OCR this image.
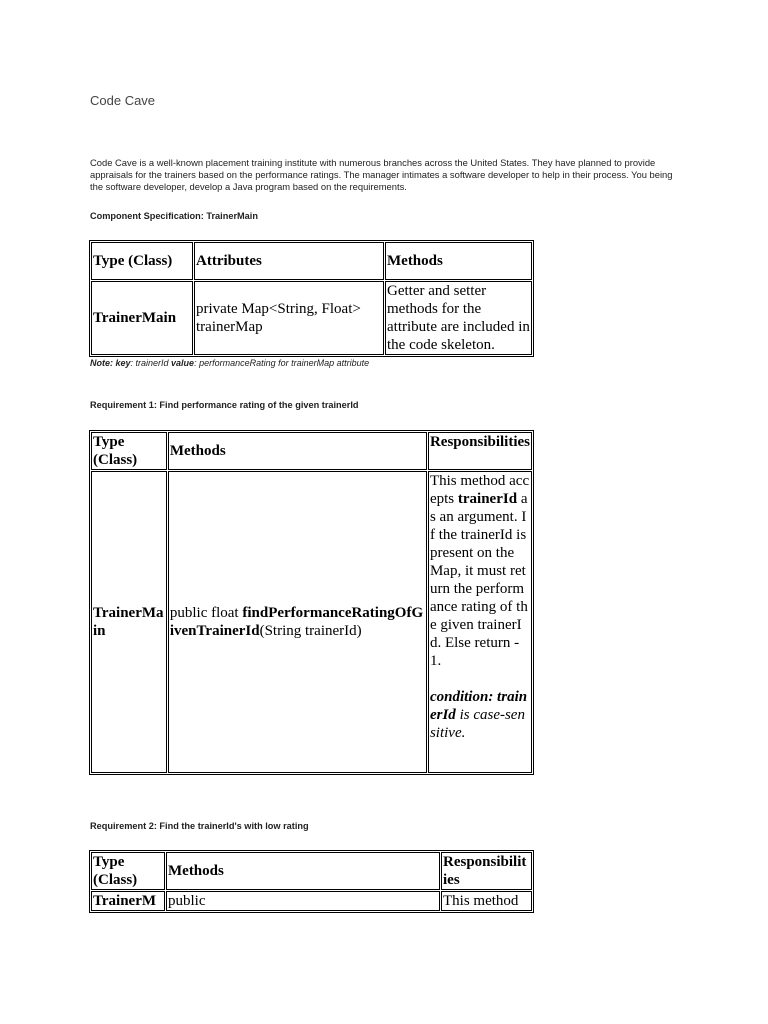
Code Cave
Code Cave is a well-known placement training institute with numerous branches across the United States. They have planned to provide appraisals for the trainers based on the performance ratings. The manager intimates a software developer to help in their process. You being the software developer, develop a Java program based on the requirements.
Component Specification: TrainerMain
Type (Class)	Attributes	Methods
TrainerMain	private Map<String, Float> trainerMap	Getter and setter methods for the attribute are included in the code skeleton.
Note: key: trainerId value: performanceRating for trainerMap attribute
Requirement 1: Find performance rating of the given trainerId
Type (Class)	Methods	Responsibilities
TrainerMain	public float findPerformanceRatingOfGivenTrainerId(String trainerId)	This method accepts trainerId as an argument. If the trainerId is present on the Map, it must return the performance rating of the given trainerId. Else return -1.

condition: trainerId is case-sensitive.
Requirement 2: Find the trainerId's with low rating
Type (Class)	Methods	Responsibilities
TrainerM	public	This method
